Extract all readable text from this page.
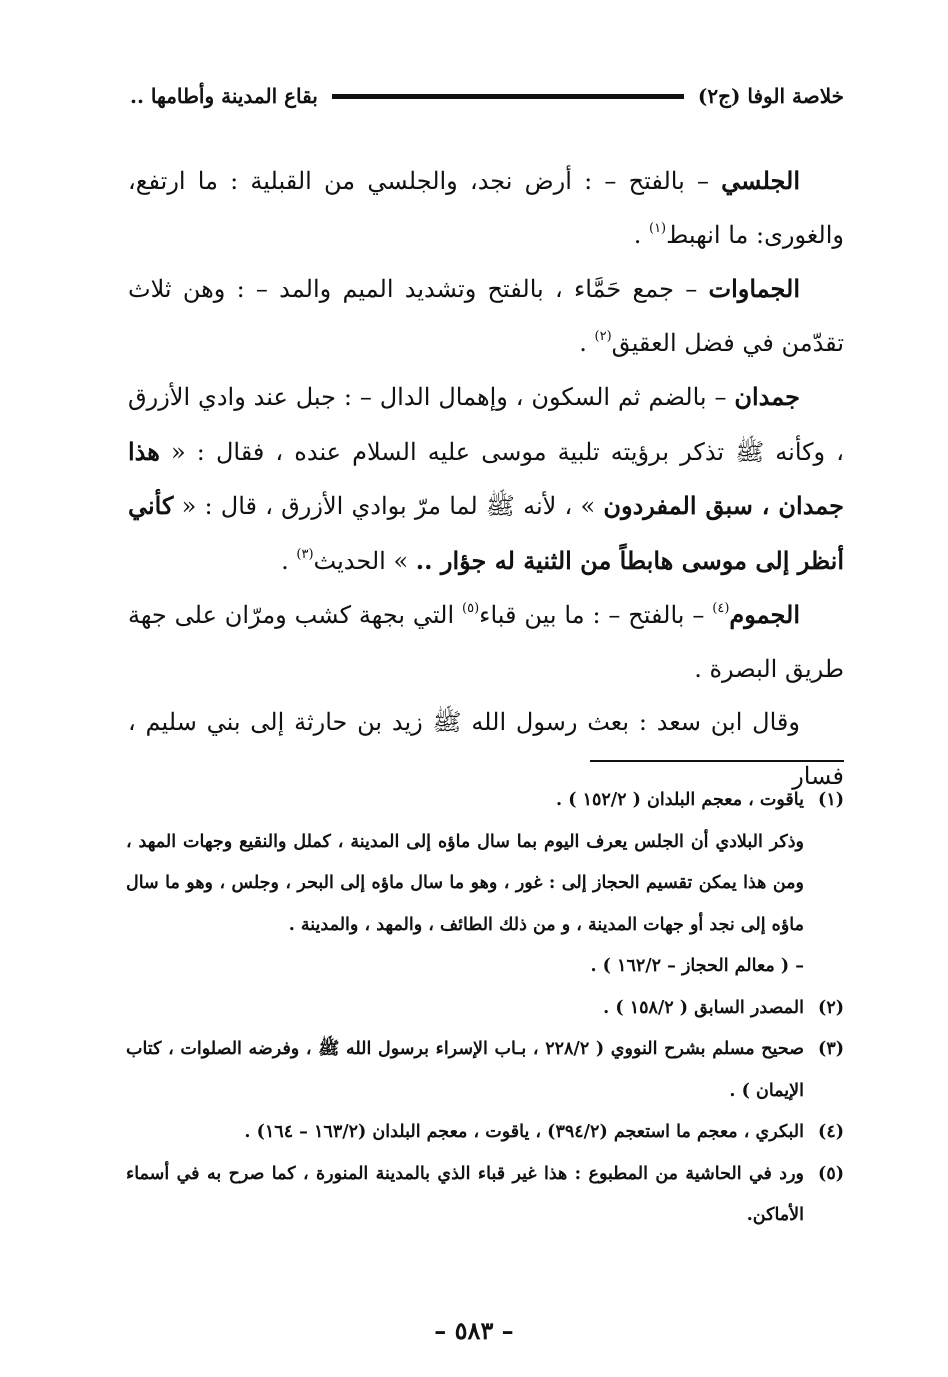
خلاصة الوفا (ج٢)
بقاع المدينة وأطامها ..

الجلسي – بالفتح – : أرض نجد، والجلسي من القبلية : ما ارتفع، والغورى: ما انهبط$^{(١)}$ .

الجماوات – جمع حَمَّاء ، بالفتح وتشديد الميم والمد – : وهن ثلاث تقدّمن في فضل العقيق$^{(٢)}$ .

جمدان – بالضم ثم السكون ، وإهمال الدال – : جبل عند وادي الأزرق ، وكأنه ﷺ تذكر برؤيته تلبية موسى عليه السلام عنده ، فقال : « هذا جمدان ، سبق المفردون » ، لأنه ﷺ لما مرّ بوادي الأزرق ، قال : « كأني أنظر إلى موسى هابطاً من الثنية له جؤار .. » الحديث$^{(٣)}$ .

الجموم$^{(٤)}$ – بالفتح – : ما بين قباء$^{(٥)}$ التي بجهة كشب ومرّان على جهة طريق البصرة .

وقال ابن سعد : بعث رسول الله ﷺ زيد بن حارثة إلى بني سليم ، فسار

(١)
ياقوت ، معجم البلدان ( ١٥٢/٢ ) .
وذكر البلادي أن الجلس يعرف اليوم بما سال ماؤه إلى المدينة ، كملل والنقيع وجهات المهد ، ومن هذا يمكن تقسيم الحجاز إلى : غور ، وهو ما سال ماؤه إلى البحر ، وجلس ، وهو ما سال ماؤه إلى نجد أو جهات المدينة ، و من ذلك الطائف ، والمهد ، والمدينة .
– ( معالم الحجاز – ١٦٢/٢ ) .
(٢)
المصدر السابق ( ١٥٨/٢ ) .
(٣)
صحيح مسلم بشرح النووي ( ٢٢٨/٢ ، بـاب الإسراء برسول الله ﷺ ، وفرضه الصلوات ، كتاب الإيمان ) .
(٤)
البكري ، معجم ما استعجم (٣٩٤/٢) ، ياقوت ، معجم البلدان (١٦٣/٢ – ١٦٤) .
(٥)
ورد في الحاشية من المطبوع : هذا غير قباء الذي بالمدينة المنورة ، كما صرح به في أسماء الأماكن.
– ٥٨٣ –
